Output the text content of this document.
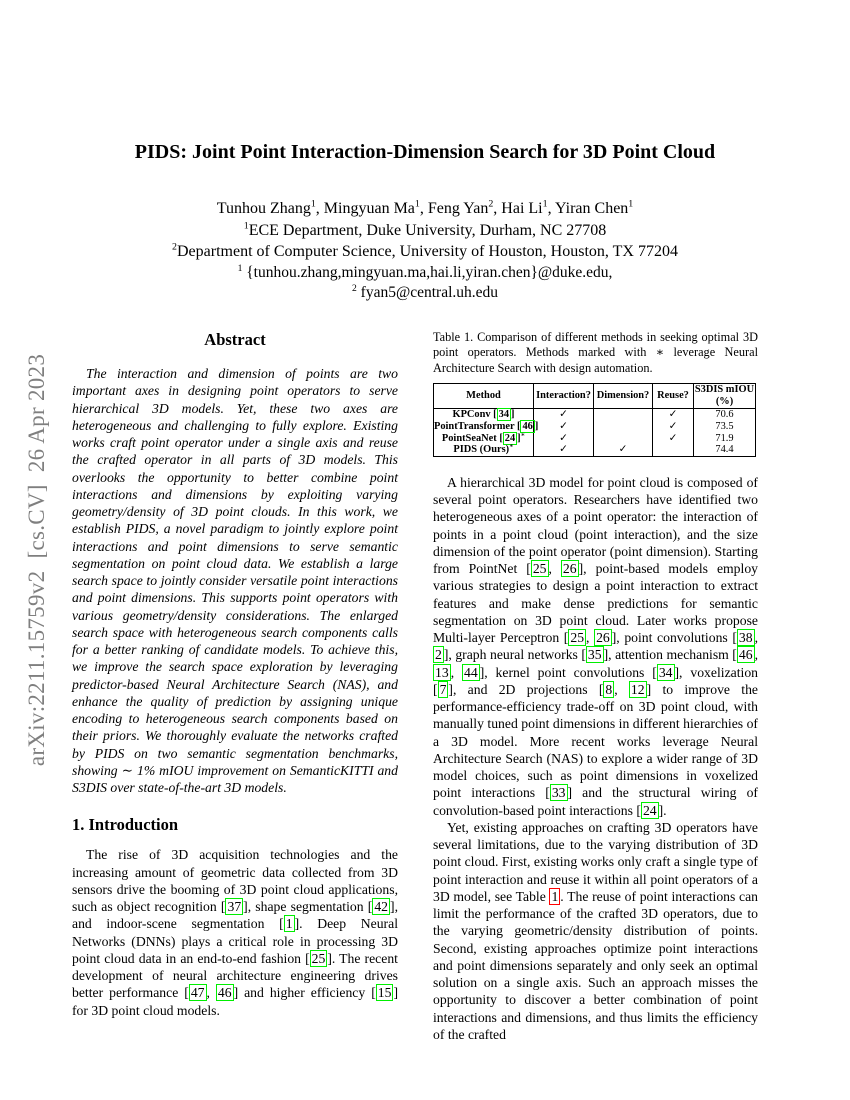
arXiv:2211.15759v2  [cs.CV]  26 Apr 2023
PIDS: Joint Point Interaction-Dimension Search for 3D Point Cloud
Tunhou Zhang$^1$, Mingyuan Ma$^1$, Feng Yan$^2$, Hai Li$^1$, Yiran Chen$^1$
$^1$ECE Department, Duke University, Durham, NC 27708
$^2$Department of Computer Science, University of Houston, Houston, TX 77204
$^1$ {tunhou.zhang,mingyuan.ma,hai.li,yiran.chen}@duke.edu,
$^2$ fyan5@central.uh.edu
Abstract

The interaction and dimension of points are two important axes in designing point operators to serve hierarchical 3D models. Yet, these two axes are heterogeneous and challenging to fully explore. Existing works craft point operator under a single axis and reuse the crafted operator in all parts of 3D models. This overlooks the opportunity to better combine point interactions and dimensions by exploiting varying geometry/density of 3D point clouds. In this work, we establish PIDS, a novel paradigm to jointly explore point interactions and point dimensions to serve semantic segmentation on point cloud data. We establish a large search space to jointly consider versatile point interactions and point dimensions. This supports point operators with various geometry/density considerations. The enlarged search space with heterogeneous search components calls for a better ranking of candidate models. To achieve this, we improve the search space exploration by leveraging predictor-based Neural Architecture Search (NAS), and enhance the quality of prediction by assigning unique encoding to heterogeneous search components based on their priors. We thoroughly evaluate the networks crafted by PIDS on two semantic segmentation benchmarks, showing ∼ 1% mIOU improvement on SemanticKITTI and S3DIS over state-of-the-art 3D models.

1. Introduction

The rise of 3D acquisition technologies and the increasing amount of geometric data collected from 3D sensors drive the booming of 3D point cloud applications, such as object recognition [ 37 ], shape segmentation [ 42 ], and indoor-scene segmentation [ 1 ]. Deep Neural Networks (DNNs) plays a critical role in processing 3D point cloud data in an end-to-end fashion [ 25 ]. The recent development of neural architecture engineering drives better performance [ 47 , 46 ] and higher efficiency [ 15 ] for 3D point cloud models.

Table 1. Comparison of different methods in seeking optimal 3D point operators. Methods marked with ∗ leverage Neural Architecture Search with design automation.
Method	Interaction?	Dimension?	Reuse?	S3DIS mIOU (%)
KPConv [ 34 ]	✓		✓	70.6
PointTransformer [ 46 ]	✓		✓	73.5
PointSeaNet [ 24 ]∗	✓		✓	71.9
PIDS (Ours)∗	✓	✓		74.4

A hierarchical 3D model for point cloud is composed of several point operators. Researchers have identified two heterogeneous axes of a point operator: the interaction of points in a point cloud (point interaction), and the size dimension of the point operator (point dimension). Starting from PointNet [ 25 , 26 ], point-based models employ various strategies to design a point interaction to extract features and make dense predictions for semantic segmentation on 3D point cloud. Later works propose Multi-layer Perceptron [ 25 , 26 ], point convolutions [ 38 , 2 ], graph neural networks [ 35 ], attention mechanism [ 46 , 13 , 44 ], kernel point convolutions [ 34 ], voxelization [ 7 ], and 2D projections [ 8 , 12 ] to improve the performance-efficiency trade-off on 3D point cloud, with manually tuned point dimensions in different hierarchies of a 3D model. More recent works leverage Neural Architecture Search (NAS) to explore a wider range of 3D model choices, such as point dimensions in voxelized point interactions [ 33 ] and the structural wiring of convolution-based point interactions [ 24 ].

Yet, existing approaches on crafting 3D operators have several limitations, due to the varying distribution of 3D point cloud. First, existing works only craft a single type of point interaction and reuse it within all point operators of a 3D model, see Table 1 . The reuse of point interactions can limit the performance of the crafted 3D operators, due to the varying geometric/density distribution of points. Second, existing approaches optimize point interactions and point dimensions separately and only seek an optimal solution on a single axis. Such an approach misses the opportunity to discover a better combination of point interactions and dimensions, and thus limits the efficiency of the crafted
